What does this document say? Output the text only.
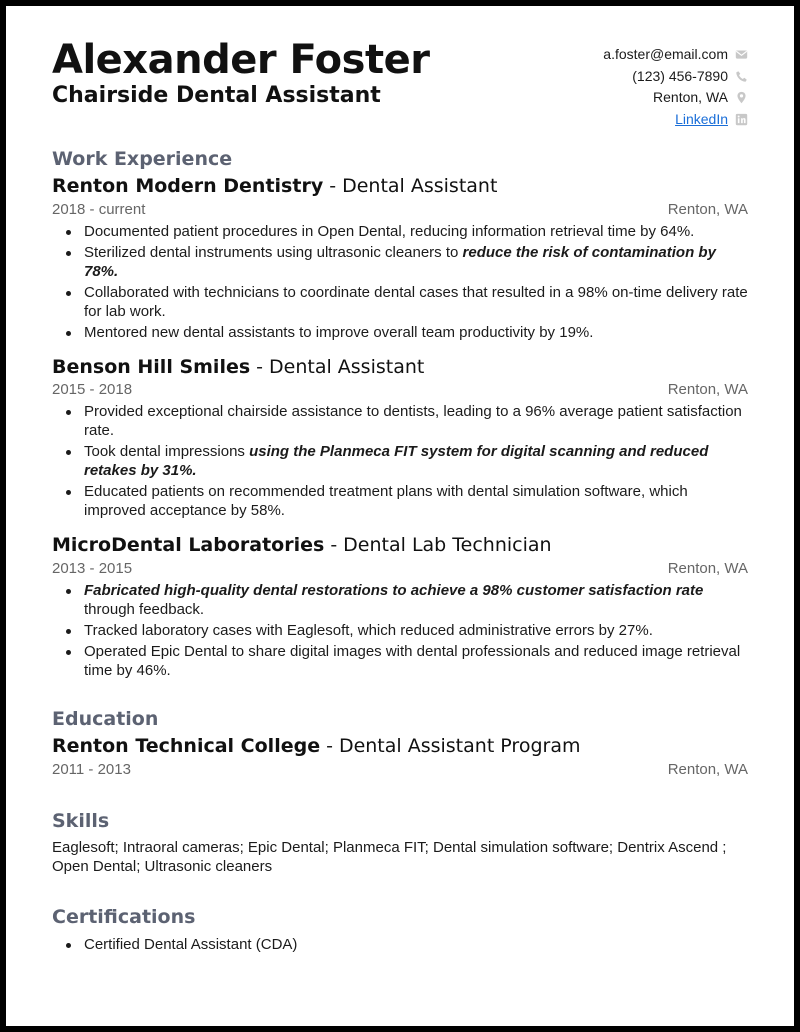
Alexander Foster
Chairside Dental Assistant
a.foster@email.com
(123) 456-7890
Renton, WA
LinkedIn
Work Experience
Renton Modern Dentistry - Dental Assistant
2018 - current	Renton, WA
Documented patient procedures in Open Dental, reducing information retrieval time by 64%.
Sterilized dental instruments using ultrasonic cleaners to reduce the risk of contamination by 78%.
Collaborated with technicians to coordinate dental cases that resulted in a 98% on-time delivery rate for lab work.
Mentored new dental assistants to improve overall team productivity by 19%.
Benson Hill Smiles - Dental Assistant
2015 - 2018	Renton, WA
Provided exceptional chairside assistance to dentists, leading to a 96% average patient satisfaction rate.
Took dental impressions using the Planmeca FIT system for digital scanning and reduced retakes by 31%.
Educated patients on recommended treatment plans with dental simulation software, which improved acceptance by 58%.
MicroDental Laboratories - Dental Lab Technician
2013 - 2015	Renton, WA
Fabricated high-quality dental restorations to achieve a 98% customer satisfaction rate through feedback.
Tracked laboratory cases with Eaglesoft, which reduced administrative errors by 27%.
Operated Epic Dental to share digital images with dental professionals and reduced image retrieval time by 46%.
Education
Renton Technical College - Dental Assistant Program
2011 - 2013	Renton, WA
Skills
Eaglesoft; Intraoral cameras; Epic Dental; Planmeca FIT; Dental simulation software; Dentrix Ascend ; Open Dental; Ultrasonic cleaners
Certifications
Certified Dental Assistant (CDA)
